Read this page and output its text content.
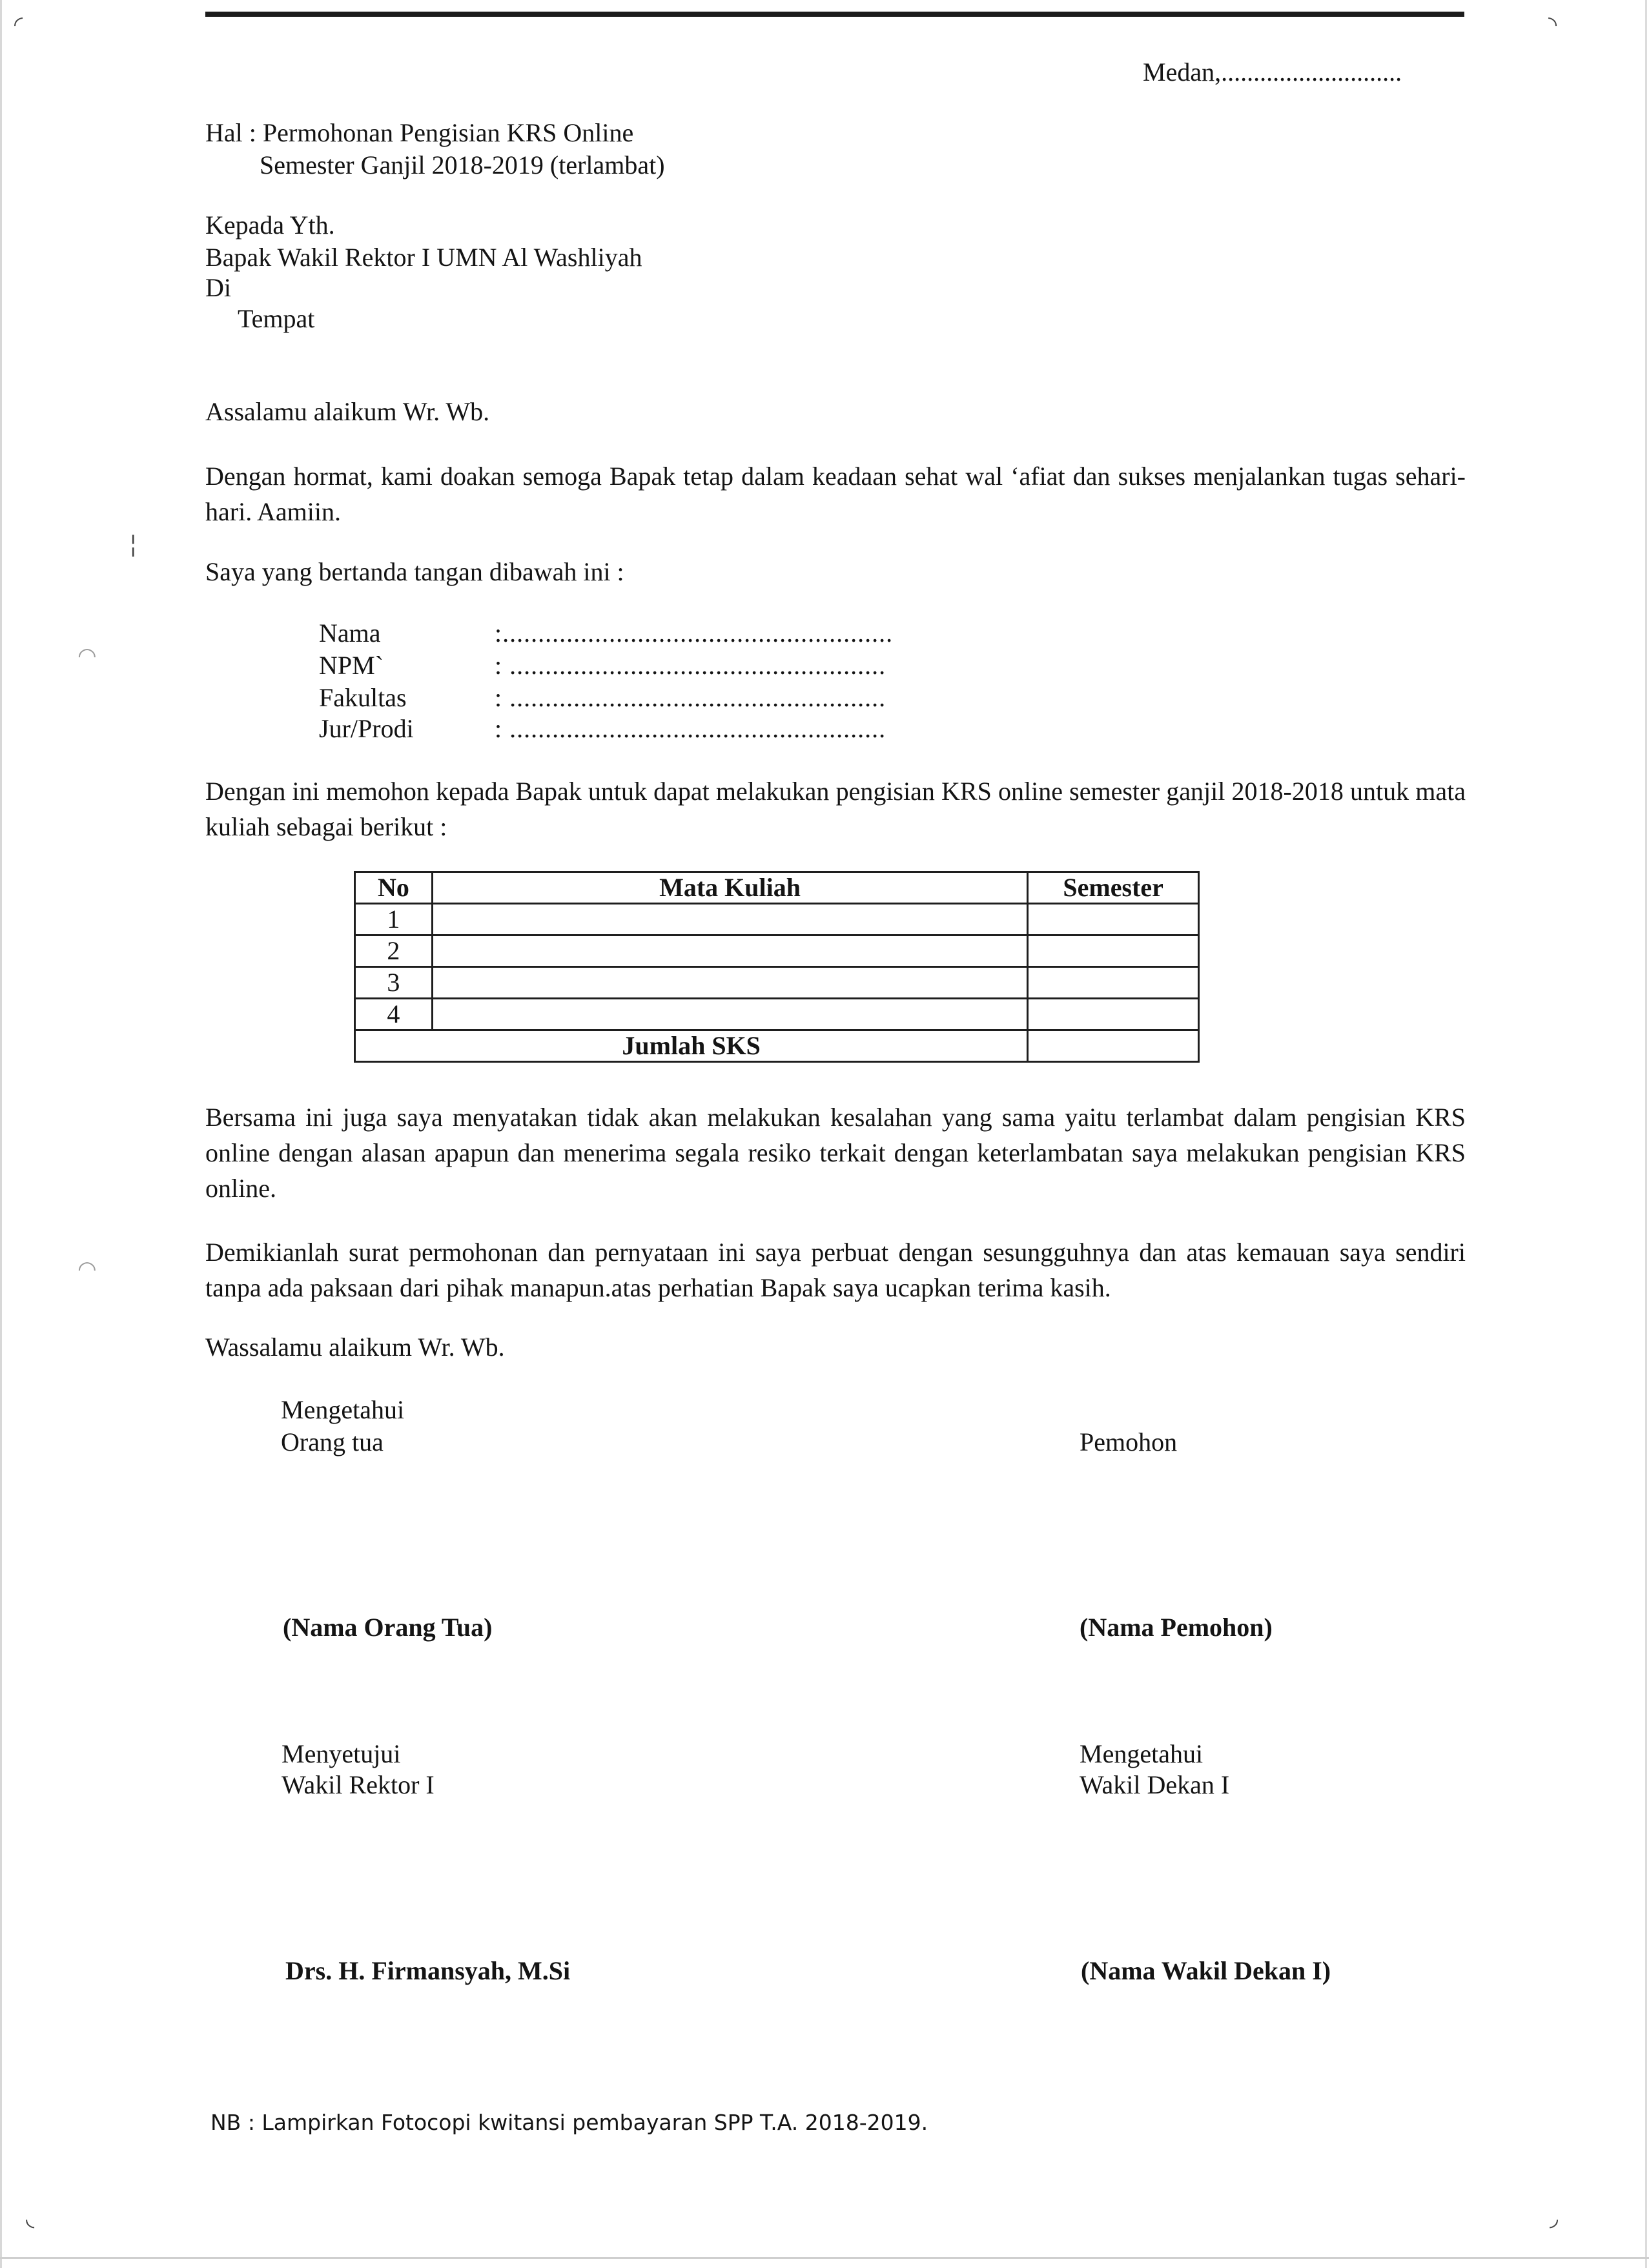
◜	◝
╎
◠
◠
◟	◞
Medan,............................
Hal : Permohonan Pengisian KRS Online
Semester Ganjil 2018-2019 (terlambat)
Kepada Yth.
Bapak Wakil Rektor I UMN Al Washliyah
Di
Tempat
Assalamu alaikum Wr. Wb.
Dengan hormat, kami doakan semoga Bapak tetap dalam keadaan sehat wal ‘afiat dan sukses menjalankan tugas sehari-hari. Aamiin.
Saya yang bertanda tangan dibawah ini :
Nama	:.......................................................
NPM`	: .....................................................
Fakultas	: .....................................................
Jur/Prodi	: .....................................................
Dengan ini memohon kepada Bapak untuk dapat melakukan pengisian KRS online semester ganjil 2018-2018 untuk mata kuliah sebagai berikut :
No	Mata Kuliah	Semester
1		
2		
3		
4		
Jumlah SKS		
Bersama ini juga saya menyatakan tidak akan melakukan kesalahan yang sama yaitu terlambat dalam pengisian KRS online dengan alasan apapun dan menerima segala resiko terkait dengan keterlambatan saya melakukan pengisian KRS online.
Demikianlah surat permohonan dan pernyataan ini saya perbuat dengan sesungguhnya dan atas kemauan saya sendiri tanpa ada paksaan dari pihak manapun.atas perhatian Bapak saya ucapkan terima kasih.
Wassalamu alaikum Wr. Wb.
Mengetahui
Orang tua	Pemohon
(Nama Orang Tua)	(Nama Pemohon)
Menyetujui
Wakil Rektor I
Mengetahui
Wakil Dekan I
Drs. H. Firmansyah, M.Si	(Nama Wakil Dekan I)
NB : Lampirkan Fotocopi kwitansi pembayaran SPP T.A. 2018-2019.
